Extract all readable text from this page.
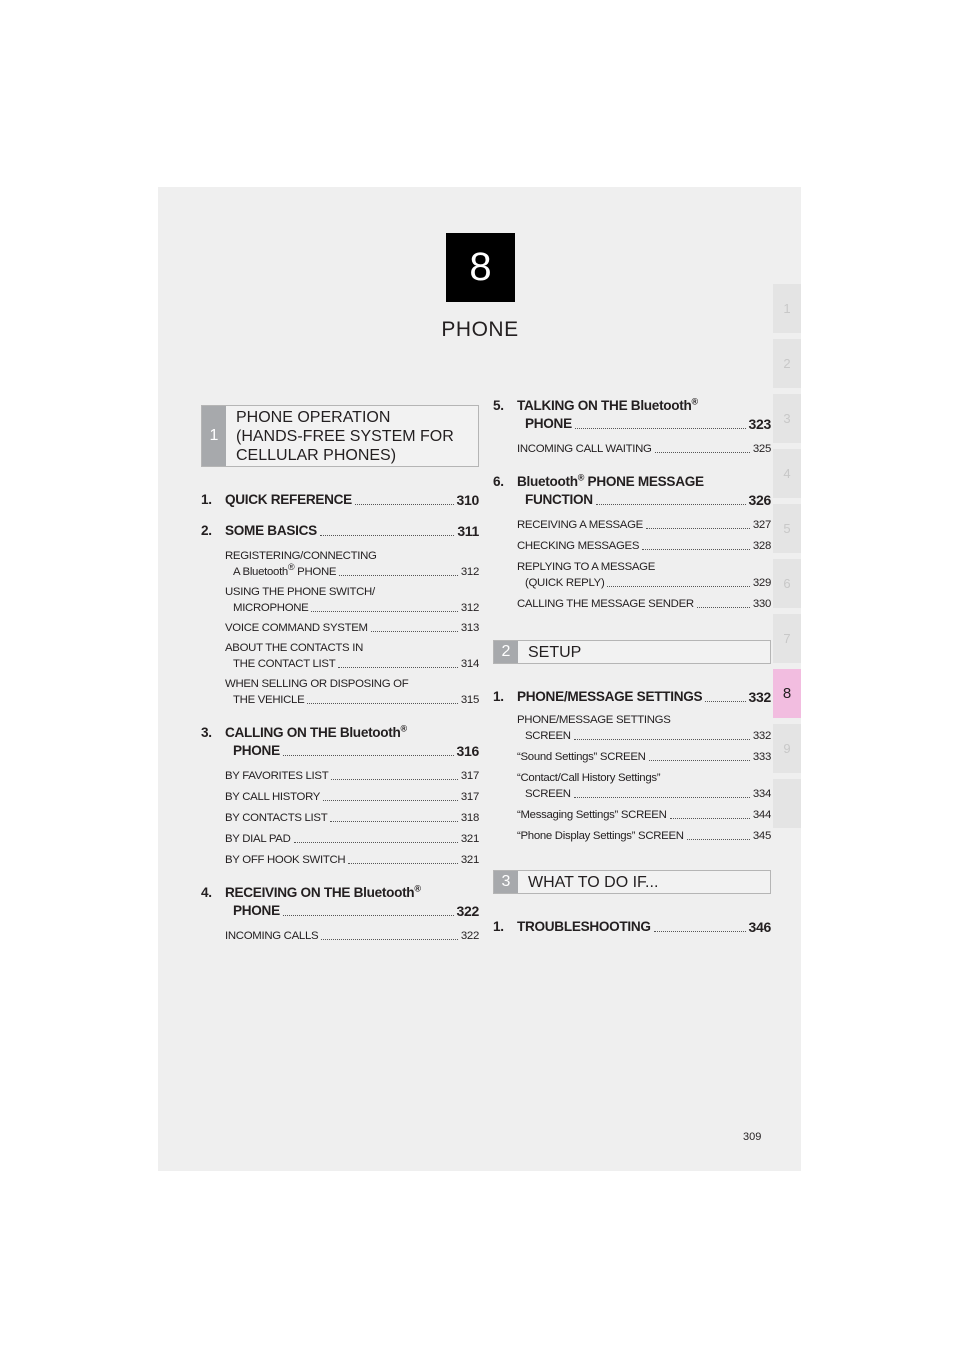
8
PHONE
1
2
3
4
5
6
7
8
9
1
PHONE OPERATION
(HANDS-FREE SYSTEM FOR
CELLULAR PHONES)
1. QUICK REFERENCE	310
2. SOME BASICS	311
REGISTERING/CONNECTING
A Bluetooth® PHONE	312
USING THE PHONE SWITCH/
MICROPHONE	312
VOICE COMMAND SYSTEM	313
ABOUT THE CONTACTS IN
THE CONTACT LIST	314
WHEN SELLING OR DISPOSING OF
THE VEHICLE	315
3. CALLING ON THE Bluetooth®
PHONE	316
BY FAVORITES LIST	317
BY CALL HISTORY	317
BY CONTACTS LIST	318
BY DIAL PAD	321
BY OFF HOOK SWITCH	321
4. RECEIVING ON THE Bluetooth®
PHONE	322
INCOMING CALLS	322
5. TALKING ON THE Bluetooth®
PHONE	323
INCOMING CALL WAITING	325
6. Bluetooth® PHONE MESSAGE
FUNCTION	326
RECEIVING A MESSAGE	327
CHECKING MESSAGES	328
REPLYING TO A MESSAGE
(QUICK REPLY)	329
CALLING THE MESSAGE SENDER	330
2	SETUP
1. PHONE/MESSAGE SETTINGS	332
PHONE/MESSAGE SETTINGS
SCREEN	332
“Sound Settings” SCREEN	333
“Contact/Call History Settings”
SCREEN	334
“Messaging Settings” SCREEN	344
“Phone Display Settings” SCREEN	345
3	WHAT TO DO IF...
1. TROUBLESHOOTING	346
309
